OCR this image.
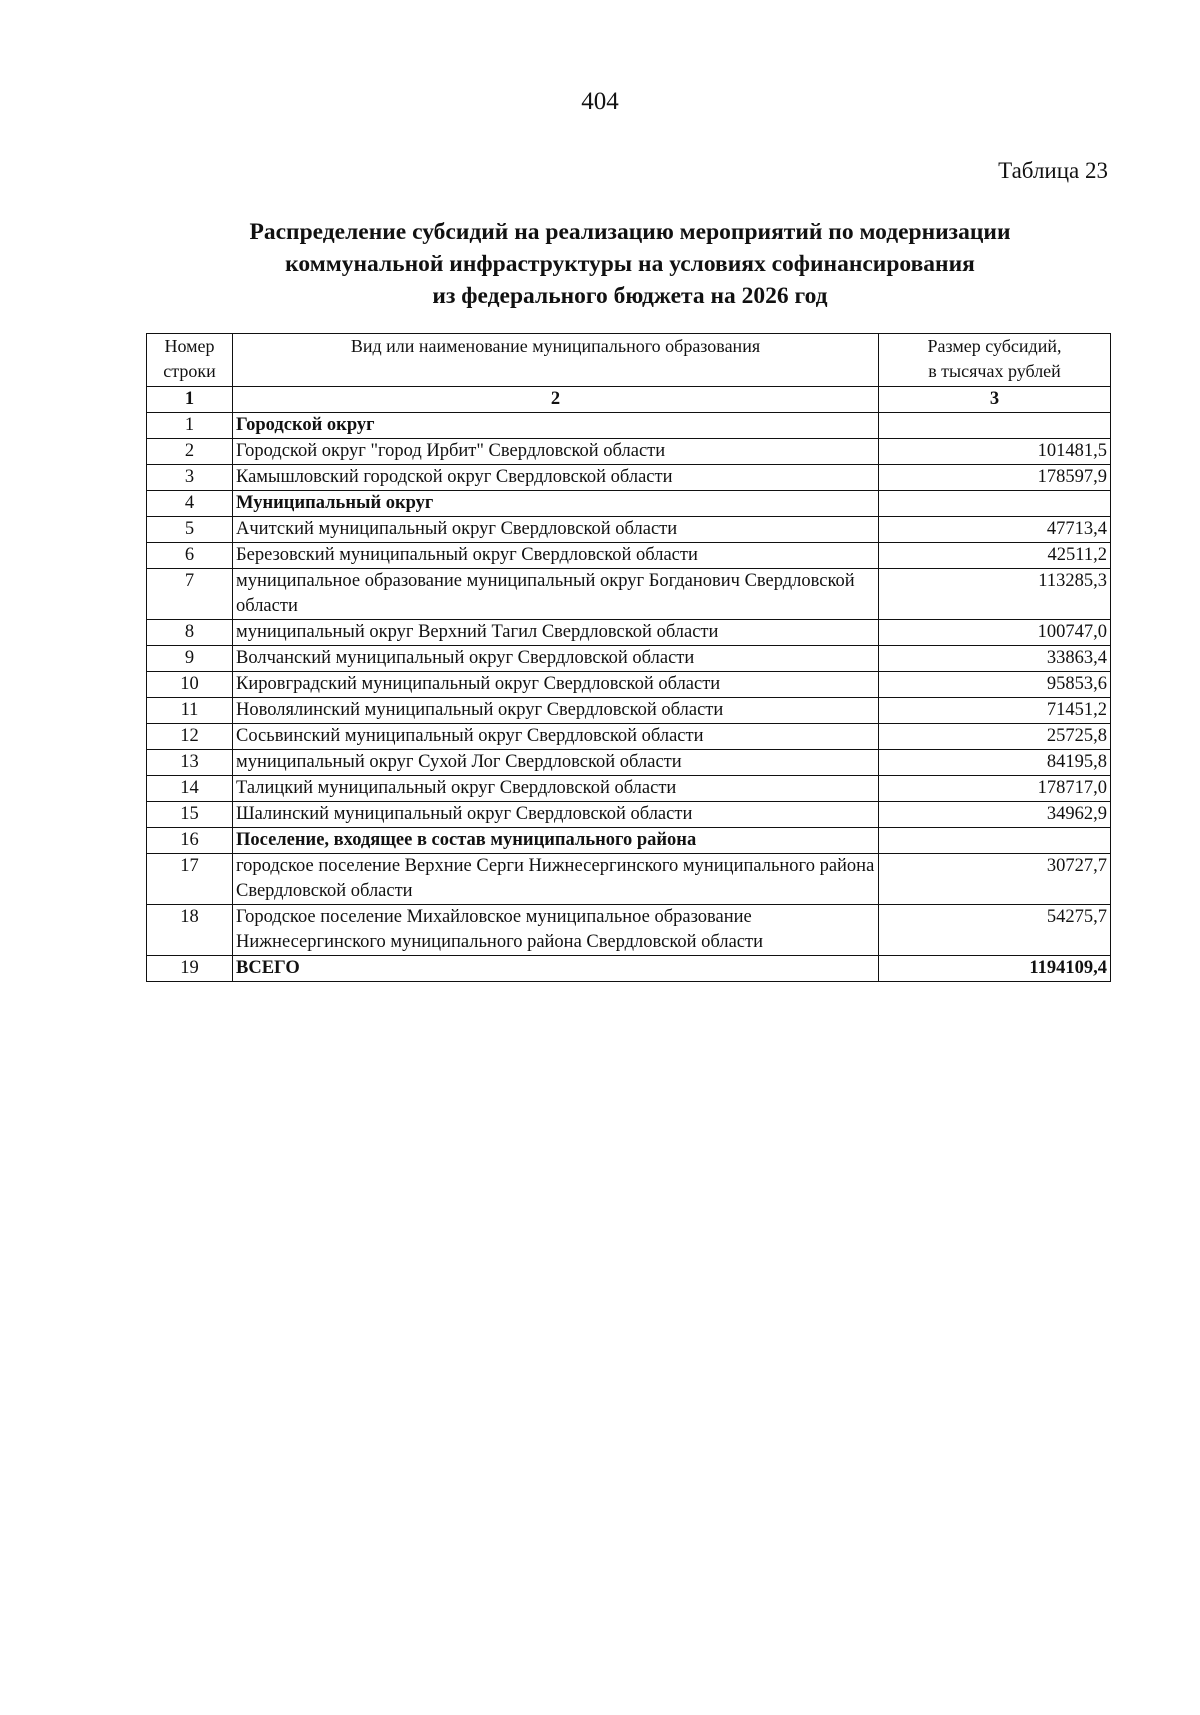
404
Таблица 23
Распределение субсидий на реализацию мероприятий по модернизации
коммунальной инфраструктуры на условиях софинансирования
из федерального бюджета на 2026 год
Номер
строки	Вид или наименование муниципального образования	Размер субсидий,
в тысячах рублей
1	2	3
1	Городской округ	
2	Городской округ "город Ирбит" Свердловской области	101481,5
3	Камышловский городской округ Свердловской области	178597,9
4	Муниципальный округ	
5	Ачитский муниципальный округ Свердловской области	47713,4
6	Березовский муниципальный округ Свердловской области	42511,2
7	муниципальное образование муниципальный округ Богданович Свердловской области	113285,3
8	муниципальный округ Верхний Тагил Свердловской области	100747,0
9	Волчанский муниципальный округ Свердловской области	33863,4
10	Кировградский муниципальный округ Свердловской области	95853,6
11	Новолялинский муниципальный округ Свердловской области	71451,2
12	Сосьвинский муниципальный округ Свердловской области	25725,8
13	муниципальный округ Сухой Лог Свердловской области	84195,8
14	Талицкий муниципальный округ Свердловской области	178717,0
15	Шалинский муниципальный округ Свердловской области	34962,9
16	Поселение, входящее в состав муниципального района	
17	городское поселение Верхние Серги Нижнесергинского муниципального района Свердловской области	30727,7
18	Городское поселение Михайловское муниципальное образование Нижнесергинского муниципального района Свердловской области	54275,7
19	ВСЕГО	1194109,4
